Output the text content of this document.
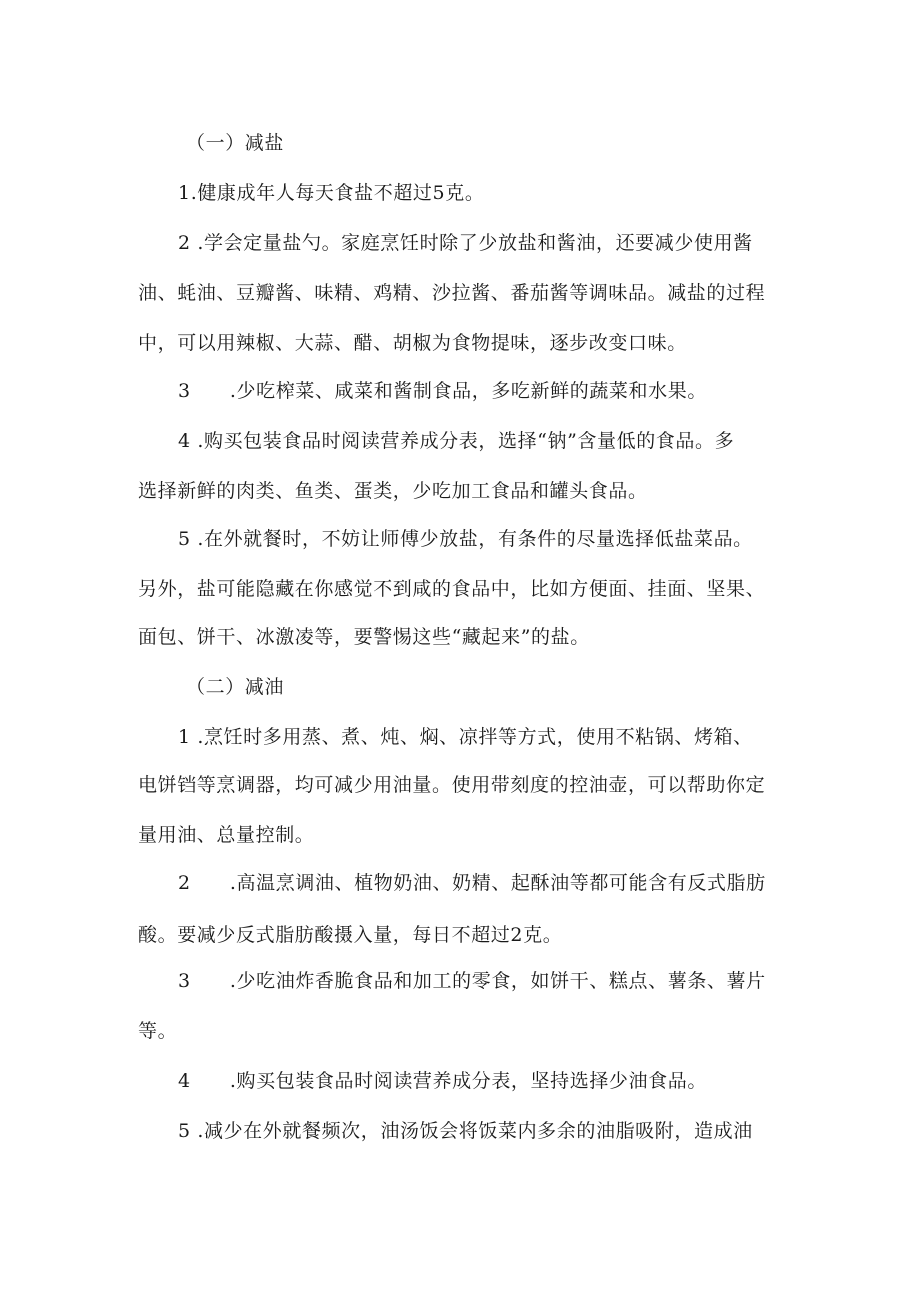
（一）减盐
1.健康成年人每天食盐不超过5克。
2 .学会定量盐勺。家庭烹饪时除了少放盐和酱油，还要减少使用酱
油、蚝油、豆瓣酱、味精、鸡精、沙拉酱、番茄酱等调味品。减盐的过程
中，可以用辣椒、大蒜、醋、胡椒为食物提味，逐步改变口味。
3　　.少吃榨菜、咸菜和酱制食品，多吃新鲜的蔬菜和水果。
4 .购买包装食品时阅读营养成分表，选择“钠”含量低的食品。多
选择新鲜的肉类、鱼类、蛋类，少吃加工食品和罐头食品。
5 .在外就餐时，不妨让师傅少放盐，有条件的尽量选择低盐菜品。
另外，盐可能隐藏在你感觉不到咸的食品中，比如方便面、挂面、坚果、
面包、饼干、冰激凌等，要警惕这些“藏起来”的盐。
（二）减油
1 .烹饪时多用蒸、煮、炖、焖、凉拌等方式，使用不粘锅、烤箱、
电饼铛等烹调器，均可减少用油量。使用带刻度的控油壶，可以帮助你定
量用油、总量控制。
2　　.高温烹调油、植物奶油、奶精、起酥油等都可能含有反式脂肪
酸。要减少反式脂肪酸摄入量，每日不超过2克。
3　　.少吃油炸香脆食品和加工的零食，如饼干、糕点、薯条、薯片
等。
4　　.购买包装食品时阅读营养成分表，坚持选择少油食品。
5 .减少在外就餐频次，油汤饭会将饭菜内多余的油脂吸附，造成油
